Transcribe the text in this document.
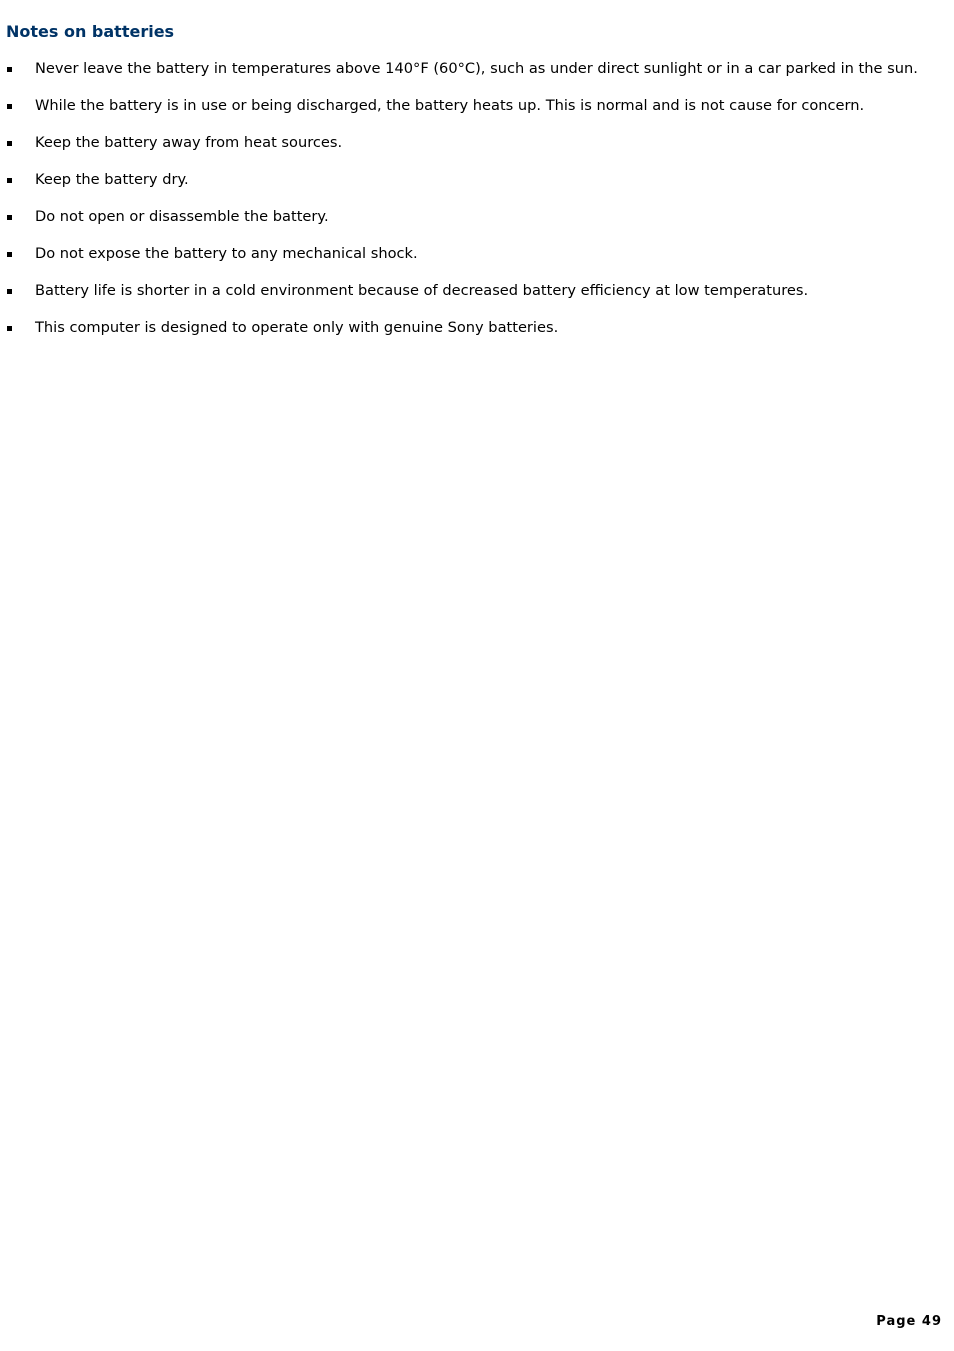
Notes on batteries
Never leave the battery in temperatures above 140°F (60°C), such as under direct sunlight or in a car parked in the sun.
While the battery is in use or being discharged, the battery heats up. This is normal and is not cause for concern.
Keep the battery away from heat sources.
Keep the battery dry.
Do not open or disassemble the battery.
Do not expose the battery to any mechanical shock.
Battery life is shorter in a cold environment because of decreased battery efficiency at low temperatures.
This computer is designed to operate only with genuine Sony batteries.
Page 49
